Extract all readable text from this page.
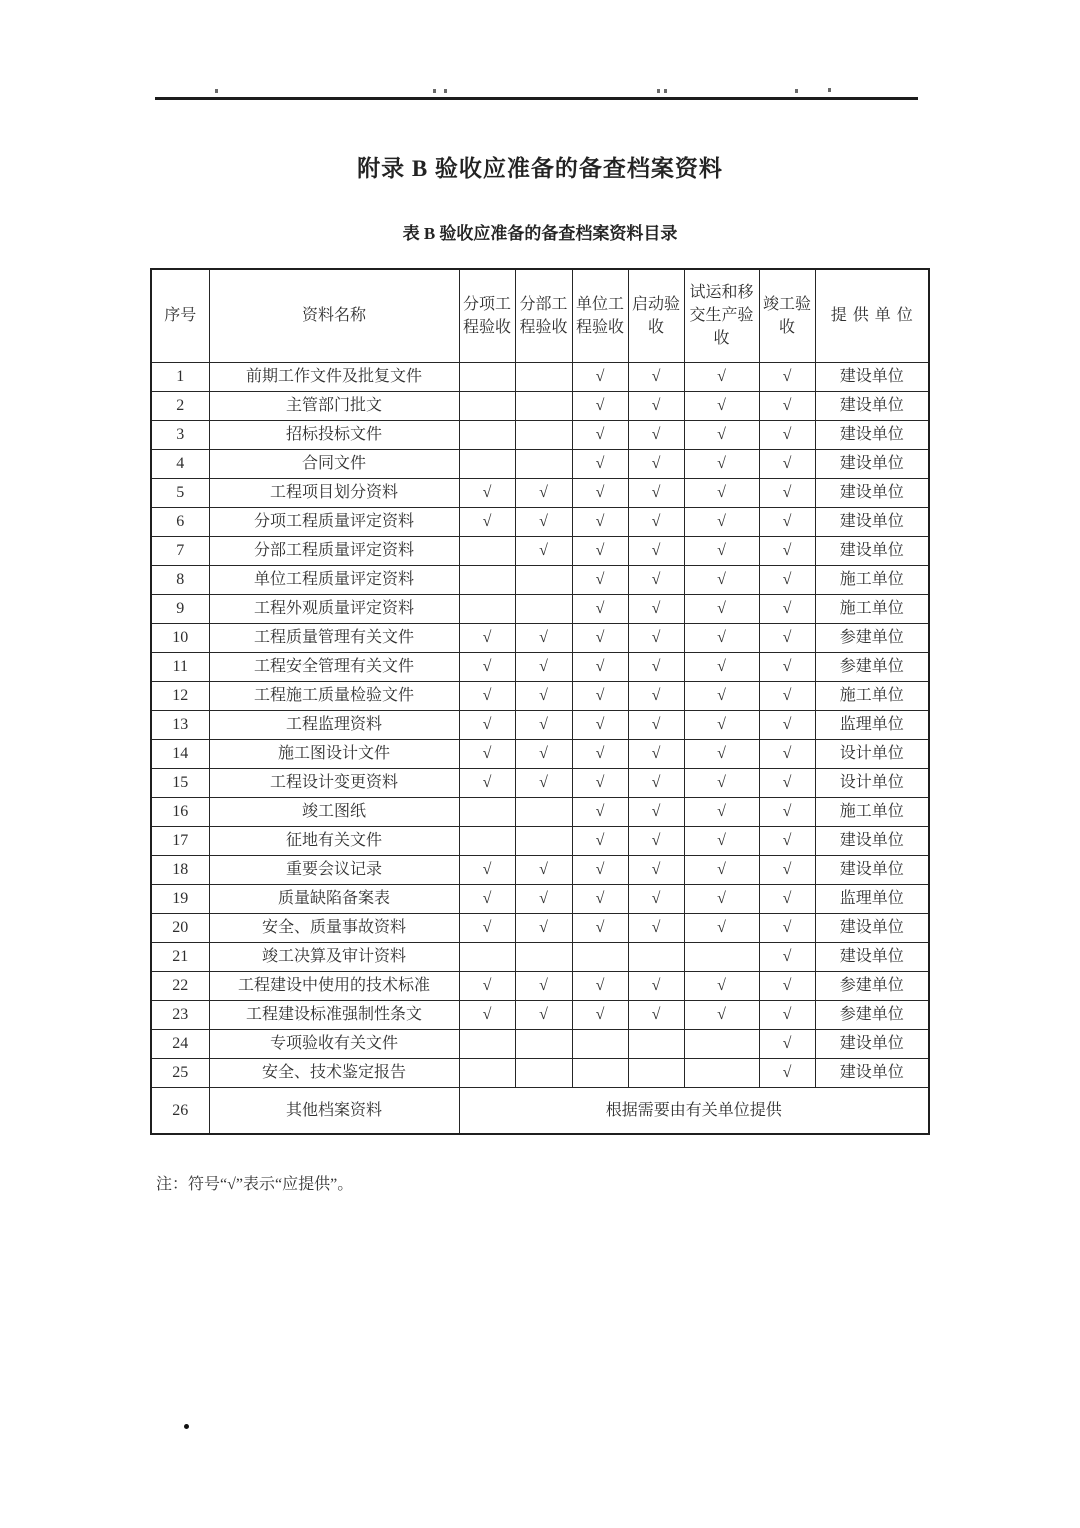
附录 B 验收应准备的备查档案资料
表 B 验收应准备的备查档案资料目录
序号	资料名称	分项工程验收	分部工程验收	单位工程验收	启动验收	试运和移交生产验收	竣工验收	提供单位
1	前期工作文件及批复文件			√	√	√	√	建设单位
2	主管部门批文			√	√	√	√	建设单位
3	招标投标文件			√	√	√	√	建设单位
4	合同文件			√	√	√	√	建设单位
5	工程项目划分资料	√	√	√	√	√	√	建设单位
6	分项工程质量评定资料	√	√	√	√	√	√	建设单位
7	分部工程质量评定资料		√	√	√	√	√	建设单位
8	单位工程质量评定资料			√	√	√	√	施工单位
9	工程外观质量评定资料			√	√	√	√	施工单位
10	工程质量管理有关文件	√	√	√	√	√	√	参建单位
11	工程安全管理有关文件	√	√	√	√	√	√	参建单位
12	工程施工质量检验文件	√	√	√	√	√	√	施工单位
13	工程监理资料	√	√	√	√	√	√	监理单位
14	施工图设计文件	√	√	√	√	√	√	设计单位
15	工程设计变更资料	√	√	√	√	√	√	设计单位
16	竣工图纸			√	√	√	√	施工单位
17	征地有关文件			√	√	√	√	建设单位
18	重要会议记录	√	√	√	√	√	√	建设单位
19	质量缺陷备案表	√	√	√	√	√	√	监理单位
20	安全、质量事故资料	√	√	√	√	√	√	建设单位
21	竣工决算及审计资料						√	建设单位
22	工程建设中使用的技术标准	√	√	√	√	√	√	参建单位
23	工程建设标准强制性条文	√	√	√	√	√	√	参建单位
24	专项验收有关文件						√	建设单位
25	安全、技术鉴定报告						√	建设单位
26	其他档案资料	根据需要由有关单位提供						

注：符号“√”表示“应提供”。
